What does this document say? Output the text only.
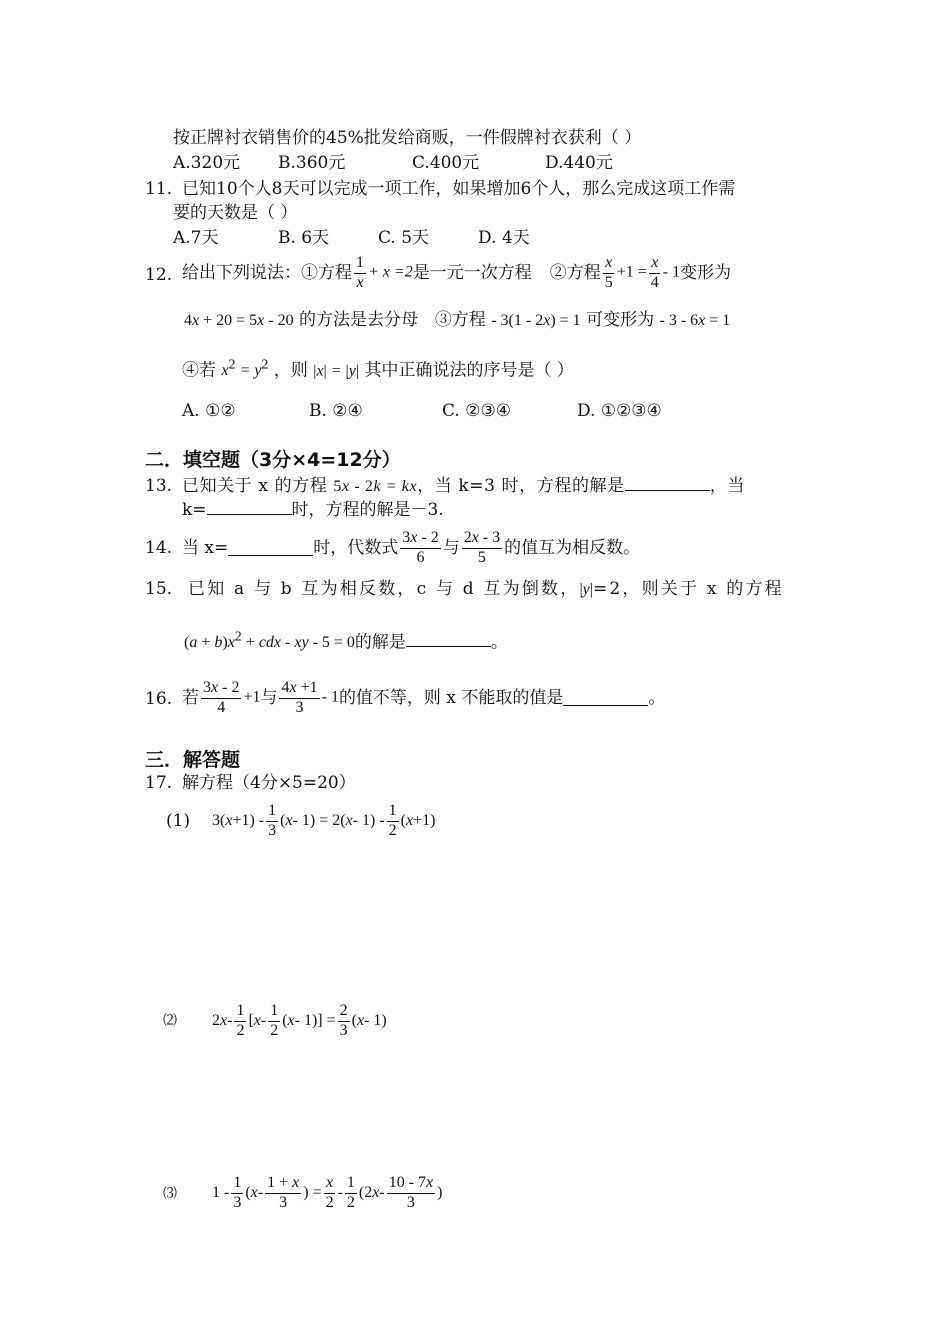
按正牌衬衣销售价的45%批发给商贩，一件假牌衬衣获利（ ）
A.320元 B.360元	C.400元	D.440元
11. 已知10个人8天可以完成一项工作，如果增加6个人，那么完成这项工作需
要的天数是（ ）
A.7天	B. 6天	C. 5天	D. 4天
12. 给出下列说法：①方程 $\frac{1}{x} + x =2$ 是一元一次方程 ②方程 $\frac{x}{5} +1 = \frac{x}{4} - 1$ 变形为
4x + 20 = 5x - 20 的方法是去分母 ③方程 - 3(1 - 2x) = 1 可变形为 - 3 - 6x = 1
④若 $x^2 = y^2$ ，则 |x| = |y| 其中正确说法的序号是（ ）
A. ①②	B. ②④	C. ②③④	D. ①②③④
二．填空题（3分×4=12分）
13. 已知关于 x 的方程 5x - 2k = kx，当 k=3 时，方程的解是	，当
k=	时，方程的解是－3.
14. 当 x=	时，代数式 $\frac{3x - 2}{6}$ 与 $\frac{2x - 3}{5}$ 的值互为相反数。
15. 已知 a 与 b 互为相反数，c 与 d 互为倒数，|y|=2，则关于 x 的方程
$(a + b)x^2$ + cdx - xy - 5 = 0的解是	。
16. 若 $\frac{3x - 2}{4} +1$ 与 $\frac{4x +1}{3} - 1$ 的值不等，则 x 不能取的值是	。
三．解答题
17. 解方程（4分×5=20）
(1) 3( $x +1) - \frac{1}{3}$ ( x - 1) = 2( x - $1) - \frac{1}{2}$ ( x +1)
⑵ 2 x - $\frac{1}{2}$ [ x - $\frac{1}{2}$ ( $x - 1)] = \frac{2}{3}$ ( x - 1)
⑶ $1 - \frac{1}{3}$ ( x - $\frac{1 + x}{3}$ ) = $\frac{x}{2} - \frac{1}{2} (2$ x - $\frac{10 - 7x}{3}$ )
